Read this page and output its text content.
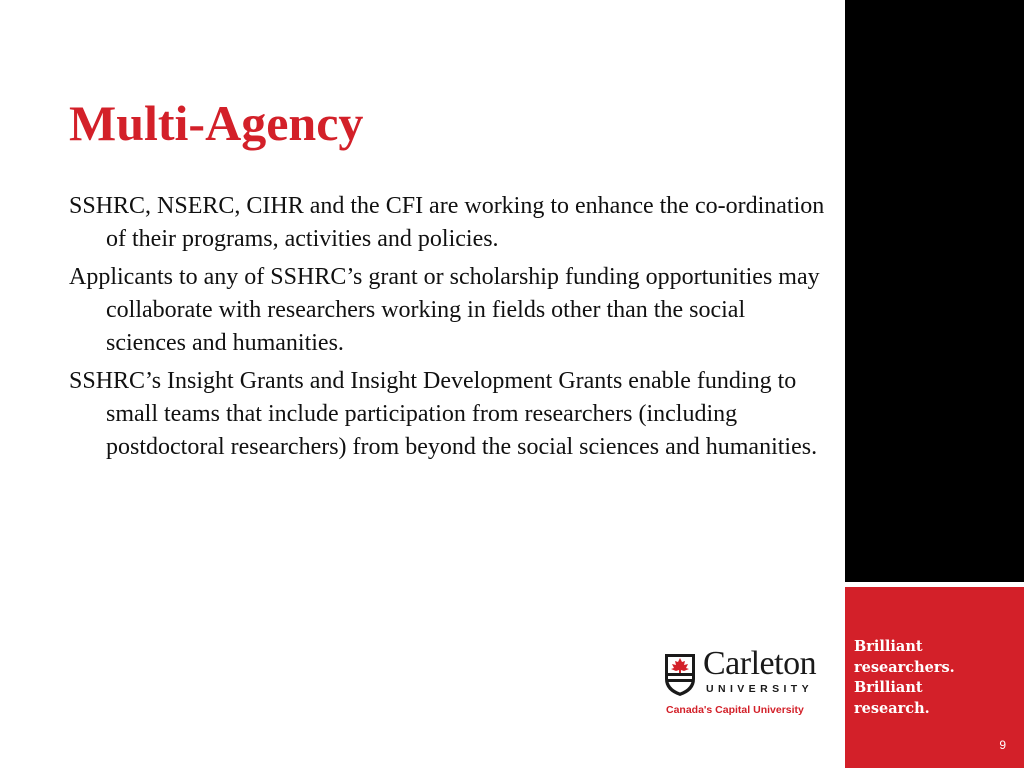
Brilliant
researchers.
Brilliant
research.
9
Multi-Agency

SSHRC, NSERC, CIHR and the CFI are working to enhance the co-ordination of their programs, activities and policies.

Applicants to any of SSHRC’s grant or scholarship funding opportunities may collaborate with researchers working in fields other than the social sciences and humanities.

SSHRC’s Insight Grants and Insight Development Grants enable funding to small teams that include participation from researchers (including postdoctoral researchers) from beyond the social sciences and humanities.

Carleton
UNIVERSITY
Canada's Capital University
